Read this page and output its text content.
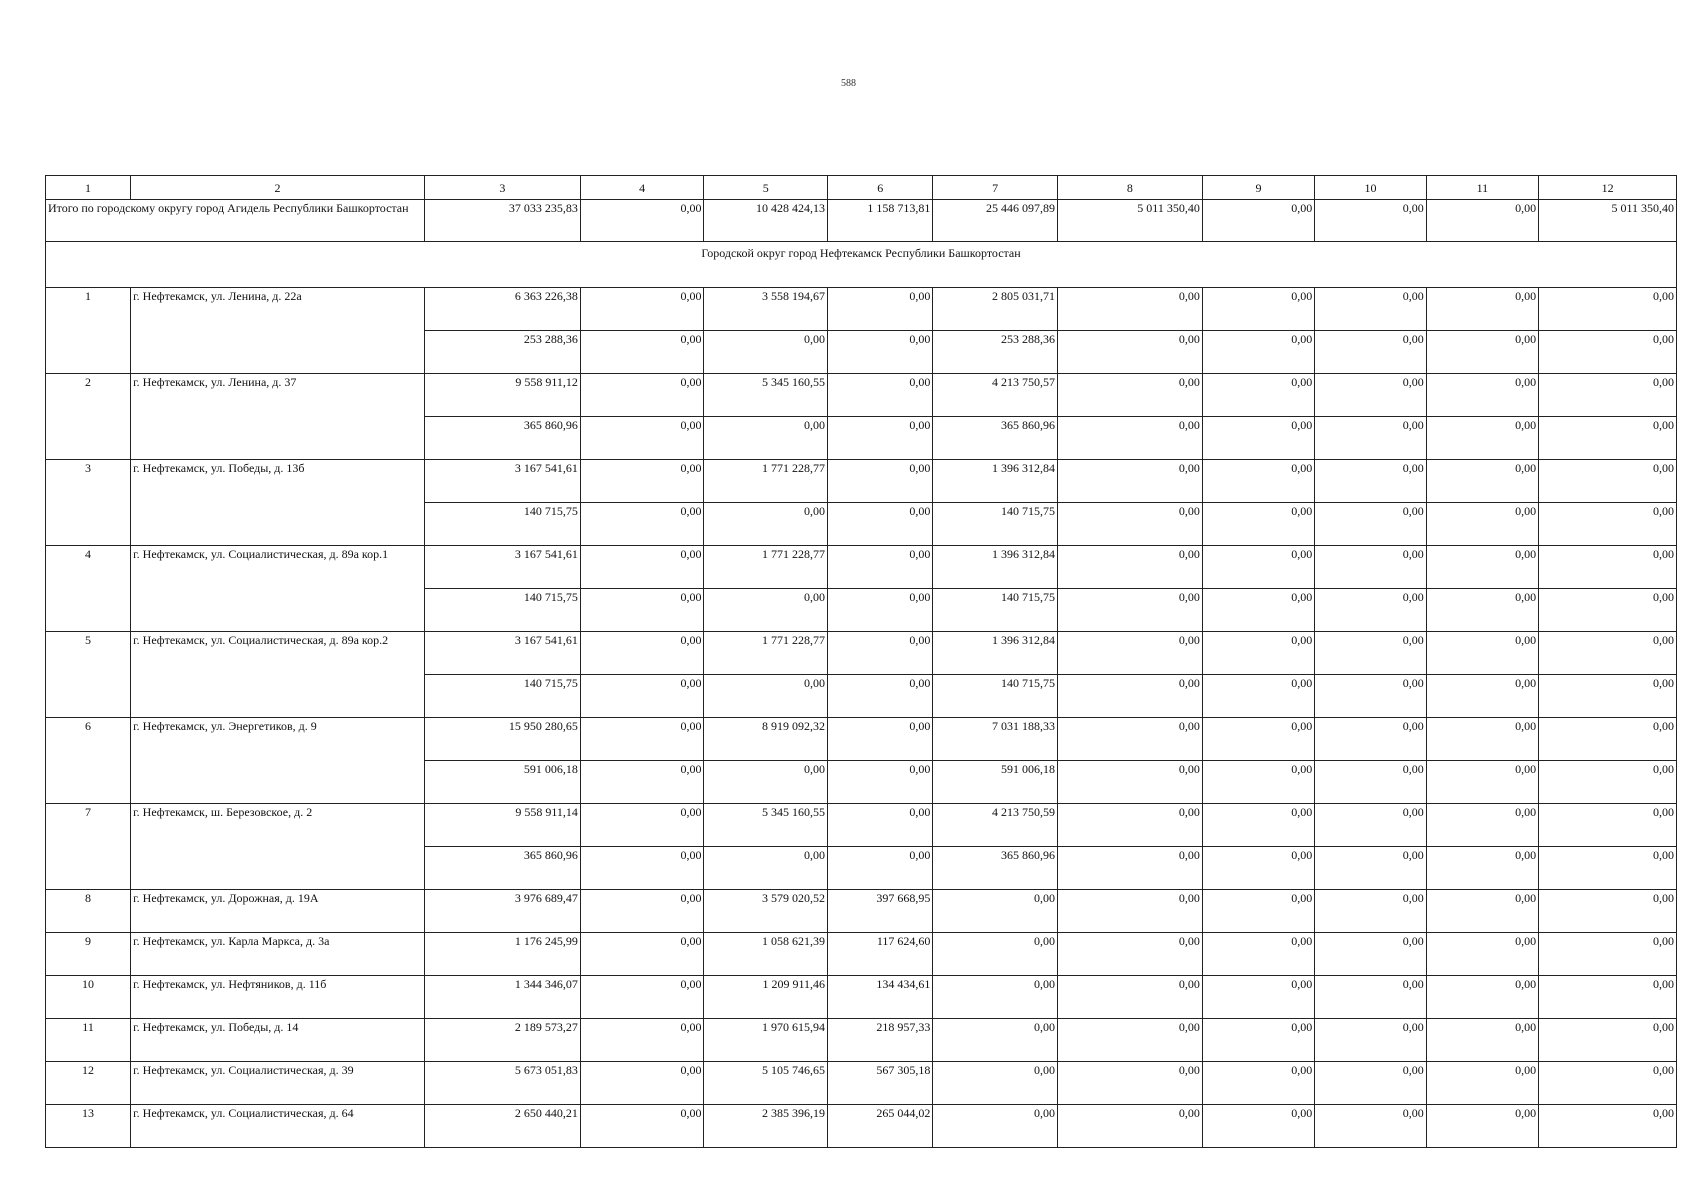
588
1	2	3	4	5	6	7	8	9	10	11	12
Итого по городскому округу город Агидель Республики Башкортостан		37 033 235,83	0,00	10 428 424,13	1 158 713,81	25 446 097,89	5 011 350,40	0,00	0,00	0,00	5 011 350,40
Городской округ город Нефтекамск Республики Башкортостан											
1	г. Нефтекамск, ул. Ленина, д. 22а	6 363 226,38	0,00	3 558 194,67	0,00	2 805 031,71	0,00	0,00	0,00	0,00	0,00
		253 288,36	0,00	0,00	0,00	253 288,36	0,00	0,00	0,00	0,00	0,00
2	г. Нефтекамск, ул. Ленина, д. 37	9 558 911,12	0,00	5 345 160,55	0,00	4 213 750,57	0,00	0,00	0,00	0,00	0,00
		365 860,96	0,00	0,00	0,00	365 860,96	0,00	0,00	0,00	0,00	0,00
3	г. Нефтекамск, ул. Победы, д. 13б	3 167 541,61	0,00	1 771 228,77	0,00	1 396 312,84	0,00	0,00	0,00	0,00	0,00
		140 715,75	0,00	0,00	0,00	140 715,75	0,00	0,00	0,00	0,00	0,00
4	г. Нефтекамск, ул. Социалистическая, д. 89а кор.1	3 167 541,61	0,00	1 771 228,77	0,00	1 396 312,84	0,00	0,00	0,00	0,00	0,00
		140 715,75	0,00	0,00	0,00	140 715,75	0,00	0,00	0,00	0,00	0,00
5	г. Нефтекамск, ул. Социалистическая, д. 89а кор.2	3 167 541,61	0,00	1 771 228,77	0,00	1 396 312,84	0,00	0,00	0,00	0,00	0,00
		140 715,75	0,00	0,00	0,00	140 715,75	0,00	0,00	0,00	0,00	0,00
6	г. Нефтекамск, ул. Энергетиков, д. 9	15 950 280,65	0,00	8 919 092,32	0,00	7 031 188,33	0,00	0,00	0,00	0,00	0,00
		591 006,18	0,00	0,00	0,00	591 006,18	0,00	0,00	0,00	0,00	0,00
7	г. Нефтекамск, ш. Березовское, д. 2	9 558 911,14	0,00	5 345 160,55	0,00	4 213 750,59	0,00	0,00	0,00	0,00	0,00
		365 860,96	0,00	0,00	0,00	365 860,96	0,00	0,00	0,00	0,00	0,00
8	г. Нефтекамск, ул. Дорожная, д. 19А	3 976 689,47	0,00	3 579 020,52	397 668,95	0,00	0,00	0,00	0,00	0,00	0,00
9	г. Нефтекамск, ул. Карла Маркса, д. 3а	1 176 245,99	0,00	1 058 621,39	117 624,60	0,00	0,00	0,00	0,00	0,00	0,00
10	г. Нефтекамск, ул. Нефтяников, д. 11б	1 344 346,07	0,00	1 209 911,46	134 434,61	0,00	0,00	0,00	0,00	0,00	0,00
11	г. Нефтекамск, ул. Победы, д. 14	2 189 573,27	0,00	1 970 615,94	218 957,33	0,00	0,00	0,00	0,00	0,00	0,00
12	г. Нефтекамск, ул. Социалистическая, д. 39	5 673 051,83	0,00	5 105 746,65	567 305,18	0,00	0,00	0,00	0,00	0,00	0,00
13	г. Нефтекамск, ул. Социалистическая, д. 64	2 650 440,21	0,00	2 385 396,19	265 044,02	0,00	0,00	0,00	0,00	0,00	0,00
